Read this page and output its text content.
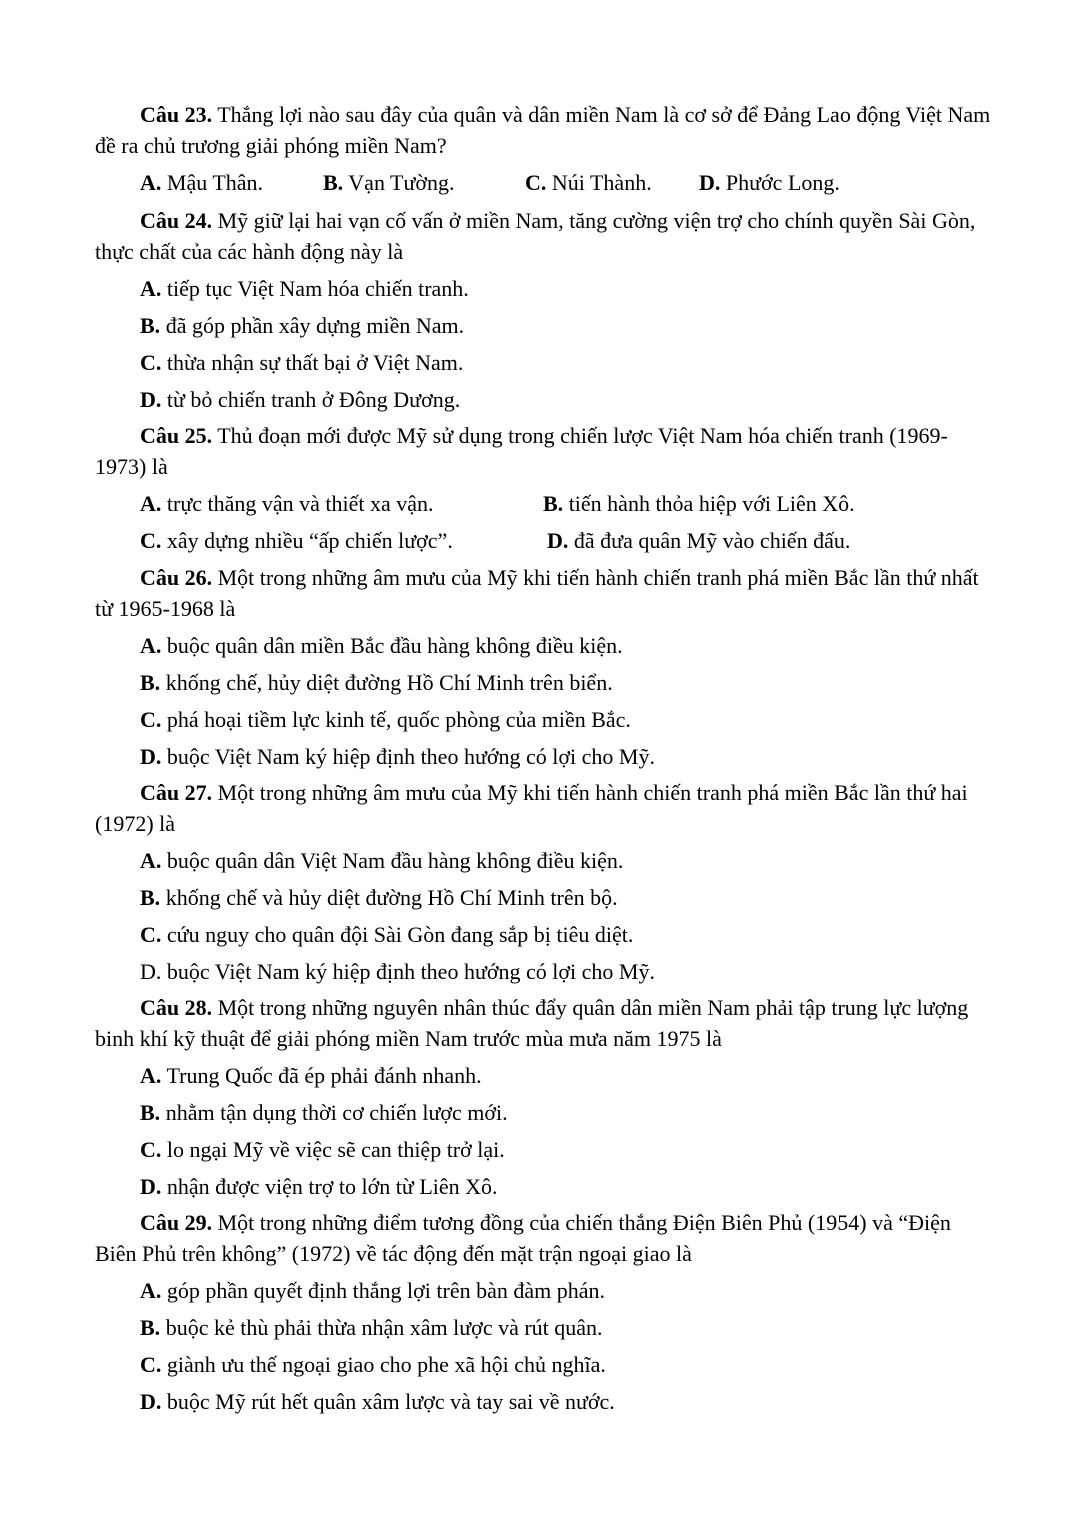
Câu 23. Thắng lợi nào sau đây của quân và dân miền Nam là cơ sở để Đảng Lao động Việt Nam đề ra chủ trương giải phóng miền Nam?

A. Mậu Thân.	B. Vạn Tường.	C. Núi Thành. D. Phước Long.

Câu 24. Mỹ giữ lại hai vạn cố vấn ở miền Nam, tăng cường viện trợ cho chính quyền Sài Gòn, thực chất của các hành động này là

A. tiếp tục Việt Nam hóa chiến tranh.
B. đã góp phần xây dựng miền Nam.
C. thừa nhận sự thất bại ở Việt Nam.
D. từ bỏ chiến tranh ở Đông Dương.

Câu 25. Thủ đoạn mới được Mỹ sử dụng trong chiến lược Việt Nam hóa chiến tranh (1969-1973) là

A. trực thăng vận và thiết xa vận.	B. tiến hành thỏa hiệp với Liên Xô.
C. xây dựng nhiều “ấp chiến lược”.	D. đã đưa quân Mỹ vào chiến đấu.

Câu 26. Một trong những âm mưu của Mỹ khi tiến hành chiến tranh phá miền Bắc lần thứ nhất từ 1965-1968 là

A. buộc quân dân miền Bắc đầu hàng không điều kiện.
B. khống chế, hủy diệt đường Hồ Chí Minh trên biển.
C. phá hoại tiềm lực kinh tế, quốc phòng của miền Bắc.
D. buộc Việt Nam ký hiệp định theo hướng có lợi cho Mỹ.

Câu 27. Một trong những âm mưu của Mỹ khi tiến hành chiến tranh phá miền Bắc lần thứ hai (1972) là

A. buộc quân dân Việt Nam đầu hàng không điều kiện.
B. khống chế và hủy diệt đường Hồ Chí Minh trên bộ.
C. cứu nguy cho quân đội Sài Gòn đang sắp bị tiêu diệt.
D. buộc Việt Nam ký hiệp định theo hướng có lợi cho Mỹ.

Câu 28. Một trong những nguyên nhân thúc đẩy quân dân miền Nam phải tập trung lực lượng binh khí kỹ thuật để giải phóng miền Nam trước mùa mưa năm 1975 là

A. Trung Quốc đã ép phải đánh nhanh.
B. nhằm tận dụng thời cơ chiến lược mới.
C. lo ngại Mỹ về việc sẽ can thiệp trở lại.
D. nhận được viện trợ to lớn từ Liên Xô.

Câu 29. Một trong những điểm tương đồng của chiến thắng Điện Biên Phủ (1954) và “Điện Biên Phủ trên không” (1972) về tác động đến mặt trận ngoại giao là

A. góp phần quyết định thắng lợi trên bàn đàm phán.
B. buộc kẻ thù phải thừa nhận xâm lược và rút quân.
C. giành ưu thế ngoại giao cho phe xã hội chủ nghĩa.
D. buộc Mỹ rút hết quân xâm lược và tay sai về nước.
